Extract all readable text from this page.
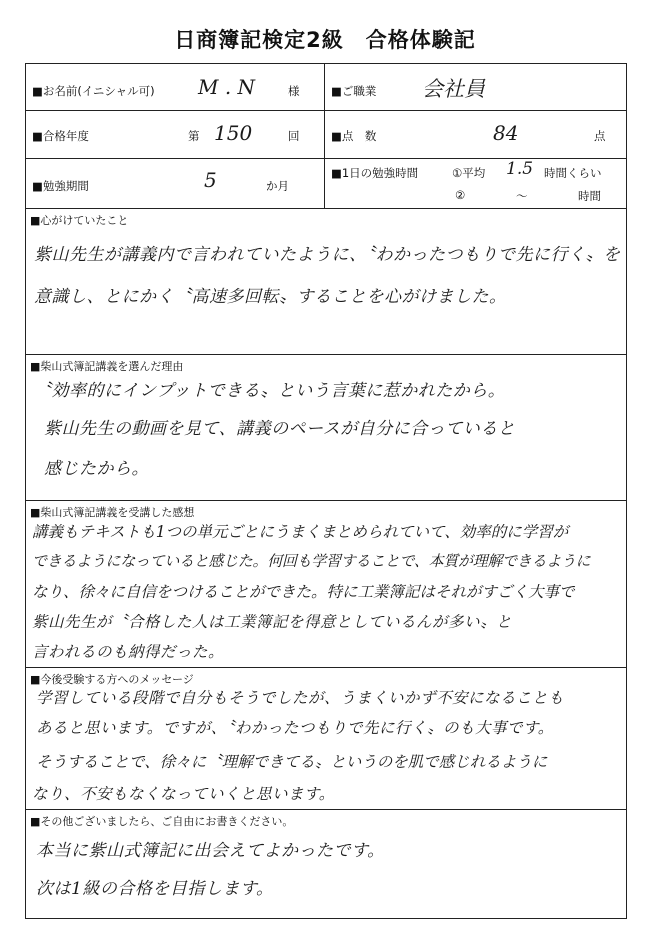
日商簿記検定2級　合格体験記
■お名前(イニシャル可) M . N	様	■ご職業 会社員
■合格年度	第 150	回	■点　数	84	点
■勉強期間	5	か月
■1日の勉強時間	①平均 1.5 時間くらい
②	～	時間
■心がけていたこと
紫山先生が講義内で言われていたように、〝わかったつもりで先に行く〟を
意識し、とにかく〝高速多回転〟することを心がけました。
■柴山式簿記講義を選んだ理由
〝効率的にインプットできる〟という言葉に惹かれたから。
紫山先生の動画を見て、講義のペースが自分に合っていると
感じたから。
■柴山式簿記講義を受講した感想
講義もテキストも1つの単元ごとにうまくまとめられていて、効率的に学習が
できるようになっていると感じた。何回も学習することで、本質が理解できるように
なり、徐々に自信をつけることができた。特に工業簿記はそれがすごく大事で
紫山先生が〝合格した人は工業簿記を得意としているんが多い〟と
言われるのも納得だった。
■今後受験する方へのメッセージ
学習している段階で自分もそうでしたが、うまくいかず不安になることも
あると思います。ですが、〝わかったつもりで先に行く〟のも大事です。
そうすることで、徐々に〝理解できてる〟というのを肌で感じれるように
なり、不安もなくなっていくと思います。
■その他ございましたら、ご自由にお書きください。
本当に紫山式簿記に出会えてよかったです。
次は1級の合格を目指します。
